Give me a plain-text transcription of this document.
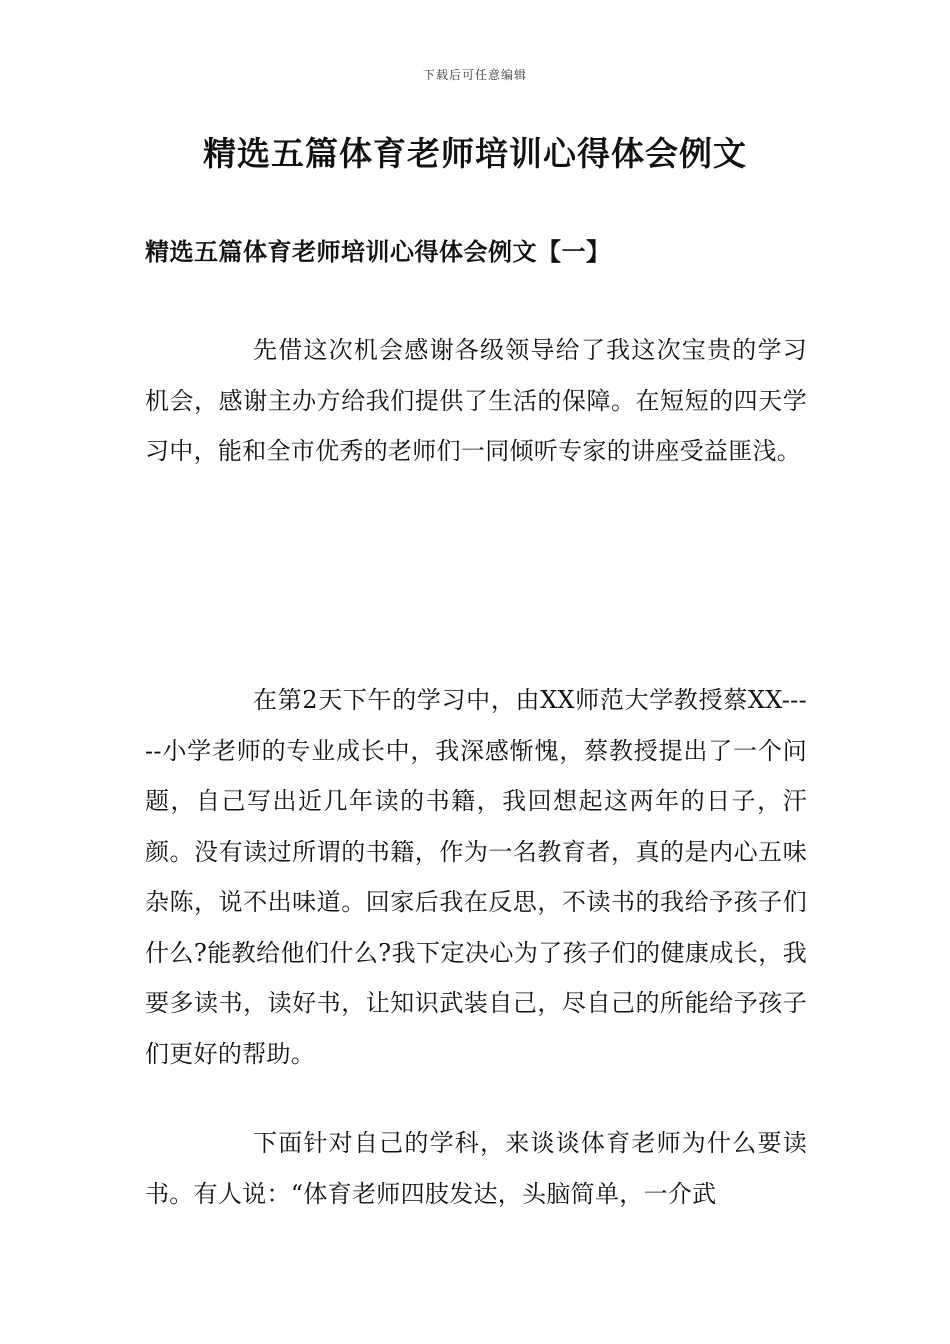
下载后可任意编辑
精选五篇体育老师培训心得体会例文
精选五篇体育老师培训心得体会例文【一】

先借这次机会感谢各级领导给了我这次宝贵的学习机会，感谢主办方给我们提供了生活的保障。在短短的四天学习中，能和全市优秀的老师们一同倾听专家的讲座受益匪浅。

在第2天下午的学习中，由XX师范大学教授蔡XX-----小学老师的专业成长中，我深感惭愧，蔡教授提出了一个问题，自己写出近几年读的书籍，我回想起这两年的日子，汗颜。没有读过所谓的书籍，作为一名教育者，真的是内心五味杂陈，说不出味道。回家后我在反思，不读书的我给予孩子们什么?能教给他们什么?我下定决心为了孩子们的健康成长，我要多读书，读好书，让知识武装自己，尽自己的所能给予孩子们更好的帮助。

下面针对自己的学科，来谈谈体育老师为什么要读书。有人说：“体育老师四肢发达，头脑简单，一介武
